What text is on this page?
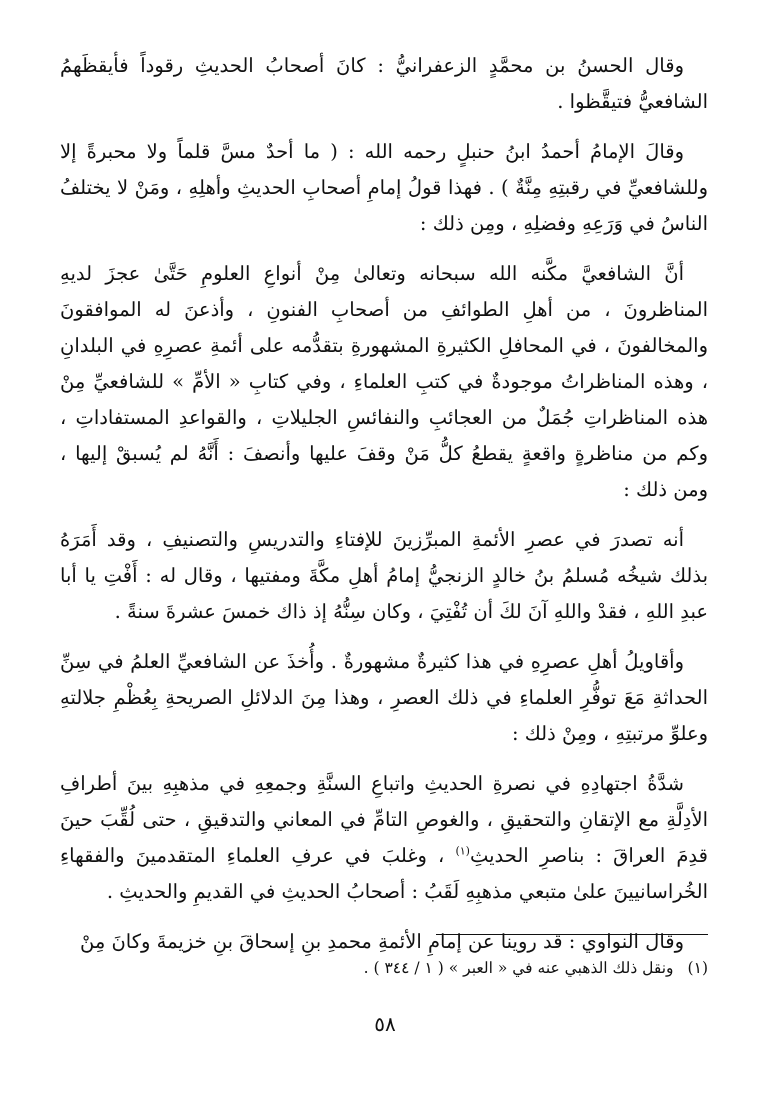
وقال الحسنُ بن محمَّدٍ الزعفرانيُّ : كانَ أصحابُ الحديثِ رقوداً فأيقظَهمُ الشافعيُّ فتيقَّظوا .

وقالَ الإمامُ أحمدُ ابنُ حنبلٍ رحمه الله : ( ما أحدٌ مسَّ قلماً ولا محبرةً إلا وللشافعيِّ في رقبتِهِ مِنَّةٌ ) . فهذا قولُ إمامِ أصحابِ الحديثِ وأهلِهِ ، ومَنْ لا يختلفُ الناسُ في وَرَعِهِ وفضلِهِ ، ومِن ذلك :

أنَّ الشافعيَّ مكَّنه الله سبحانه وتعالىٰ مِنْ أنواعِ العلومِ حَتَّىٰ عجزَ لديهِ المناظرونَ ، من أهلِ الطوائفِ من أصحابِ الفنونِ ، وأذعنَ له الموافقونَ والمخالفونَ ، في المحافلِ الكثيرةِ المشهورةِ بتقدُّمه على أئمةِ عصرِهِ في البلدانِ ، وهذه المناظراتُ موجودةٌ في كتبِ العلماءِ ، وفي كتابِ « الأمِّ » للشافعيِّ مِنْ هذه المناظراتِ جُمَلٌ من العجائبِ والنفائسِ الجليلاتِ ، والقواعدِ المستفاداتِ ، وكم من مناظرةٍ واقعةٍ يقطعُ كلُّ مَنْ وقفَ عليها وأنصفَ : أَنَّهُ لم يُسبقْ إليها ، ومن ذلك :

أنه تصدرَ في عصرِ الأئمةِ المبرِّزينَ للإفتاءِ والتدريسِ والتصنيفِ ، وقد أَمَرَهُ بذلك شيخُه مُسلمُ بنُ خالدٍ الزنجيُّ إمامُ أهلِ مكَّةَ ومفتيها ، وقال له : أَفْتِ يا أبا عبدِ اللهِ ، فقدْ واللهِ آنَ لكَ أن تُفْتِيَ ، وكان سِنُّهُ إذ ذاك خمسَ عشرةَ سنةً .

وأقاويلُ أهلِ عصرِهِ في هذا كثيرةٌ مشهورةٌ . وأُخذَ عن الشافعيِّ العلمُ في سِنِّ الحداثةِ مَعَ توفُّرِ العلماءِ في ذلك العصرِ ، وهذا مِنَ الدلائلِ الصريحةِ بِعُظْمِ جلالتهِ وعلوِّ مرتبتِهِ ، ومِنْ ذلك :

شدَّةُ اجتهادِهِ في نصرةِ الحديثِ واتباعِ السنَّةِ وجمعِهِ في مذهبِهِ بينَ أطرافِ الأدِلَّةِ مع الإتقانِ والتحقيقِ ، والغوصِ التامِّ في المعاني والتدقيقِ ، حتى لُقِّبَ حينَ قدِمَ العراقَ : بناصرِ الحديثِ$^{(١)}$ ، وغلبَ في عرفِ العلماءِ المتقدمينَ والفقهاءِ الخُراسانيينَ علىٰ متبعي مذهبِهِ لَقَبُ : أصحابُ الحديثِ في القديمِ والحديثِ .

وقال النواوي : قد روينا عن إمامِ الأئمةِ محمدِ بنِ إسحاقَ بنِ خزيمةَ وكانَ مِنْ

(١)ونقل ذلك الذهبي عنه في « العبر » ( ١ / ٣٤٤ ) .
٥٨
